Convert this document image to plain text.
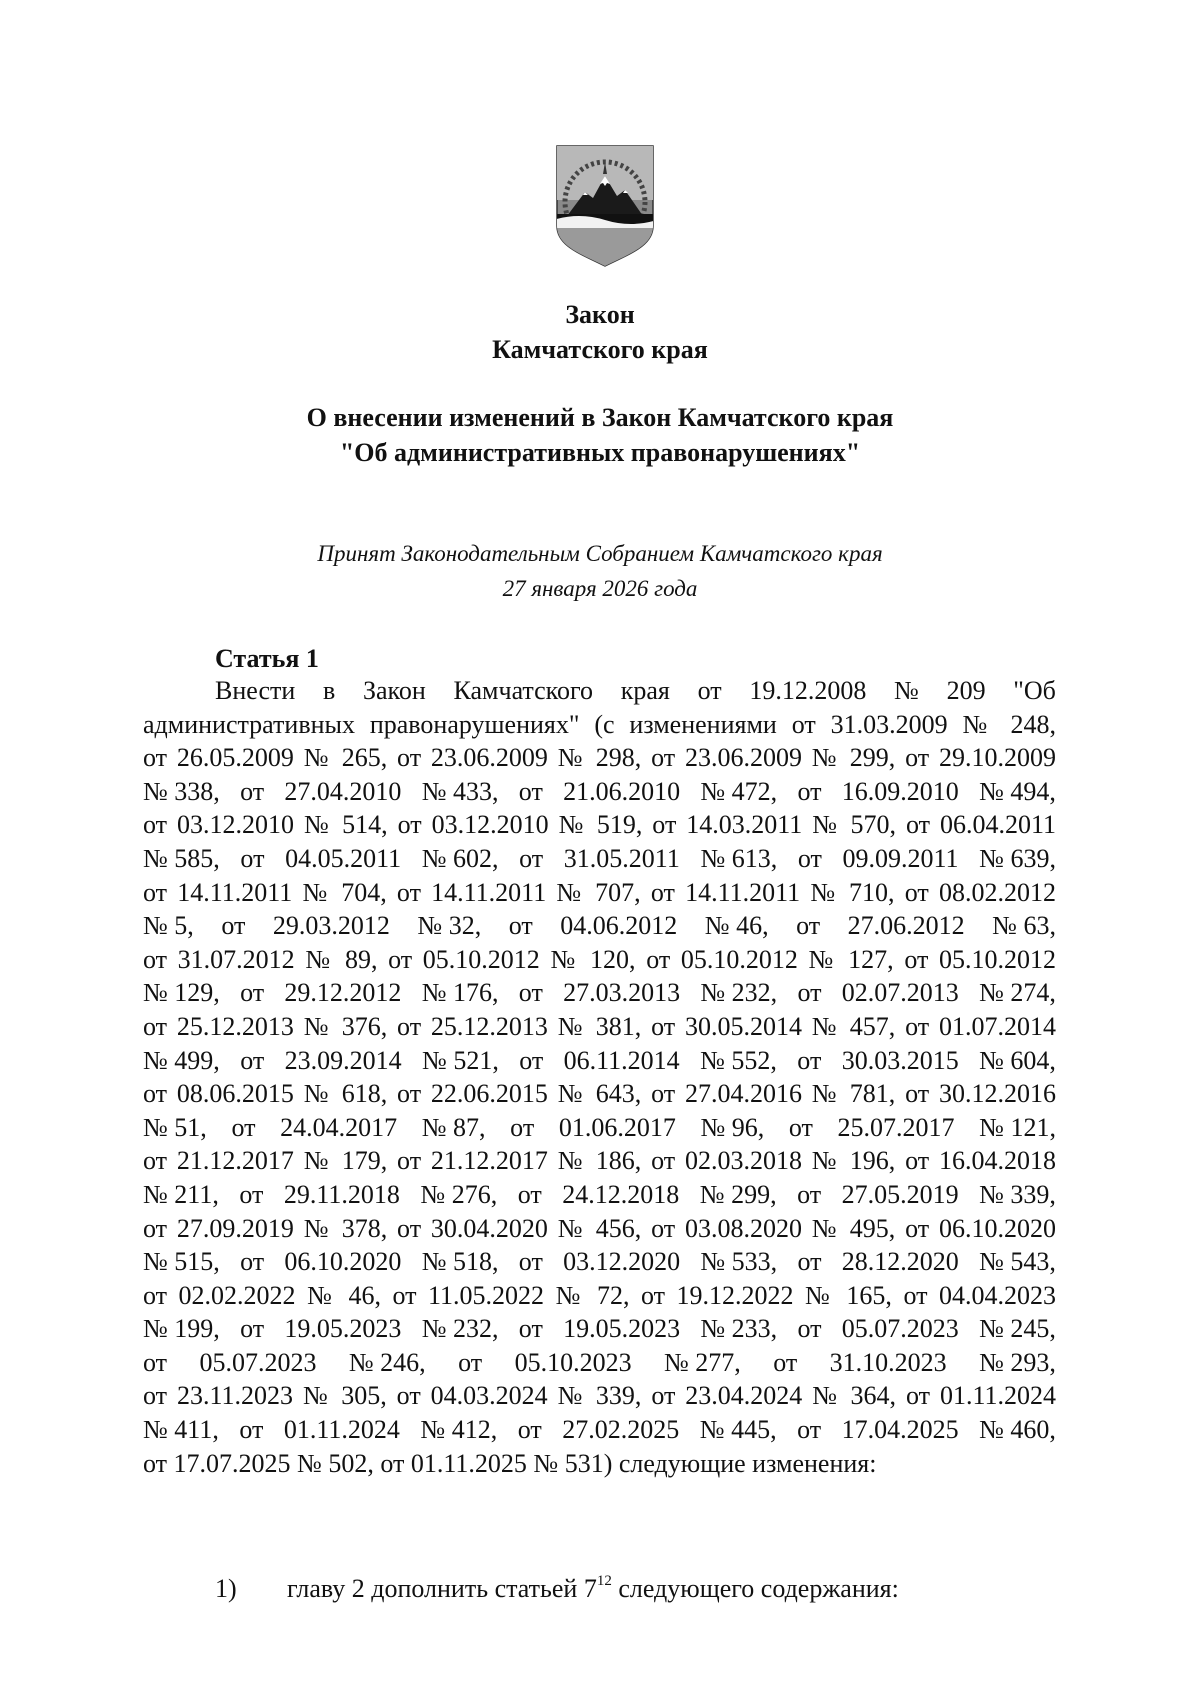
Закон
Камчатского края
О внесении изменений в Закон Камчатского края
"Об административных правонарушениях"
Принят Законодательным Собранием Камчатского края
27 января 2026 года
Статья 1
Внести в Закон Камчатского края от 19.12.2008 № 209 "Об
административных правонарушениях" (с изменениями от 31.03.2009 № 248,
от 26.05.2009 № 265, от 23.06.2009 № 298, от 23.06.2009 № 299, от 29.10.2009
№ 338, от 27.04.2010 № 433, от 21.06.2010 № 472, от 16.09.2010 № 494,
от 03.12.2010 № 514, от 03.12.2010 № 519, от 14.03.2011 № 570, от 06.04.2011
№ 585, от 04.05.2011 № 602, от 31.05.2011 № 613, от 09.09.2011 № 639,
от 14.11.2011 № 704, от 14.11.2011 № 707, от 14.11.2011 № 710, от 08.02.2012
№ 5, от 29.03.2012 № 32, от 04.06.2012 № 46, от 27.06.2012 № 63,
от 31.07.2012 № 89, от 05.10.2012 № 120, от 05.10.2012 № 127, от 05.10.2012
№ 129, от 29.12.2012 № 176, от 27.03.2013 № 232, от 02.07.2013 № 274,
от 25.12.2013 № 376, от 25.12.2013 № 381, от 30.05.2014 № 457, от 01.07.2014
№ 499, от 23.09.2014 № 521, от 06.11.2014 № 552, от 30.03.2015 № 604,
от 08.06.2015 № 618, от 22.06.2015 № 643, от 27.04.2016 № 781, от 30.12.2016
№ 51, от 24.04.2017 № 87, от 01.06.2017 № 96, от 25.07.2017 № 121,
от 21.12.2017 № 179, от 21.12.2017 № 186, от 02.03.2018 № 196, от 16.04.2018
№ 211, от 29.11.2018 № 276, от 24.12.2018 № 299, от 27.05.2019 № 339,
от 27.09.2019 № 378, от 30.04.2020 № 456, от 03.08.2020 № 495, от 06.10.2020
№ 515, от 06.10.2020 № 518, от 03.12.2020 № 533, от 28.12.2020 № 543,
от 02.02.2022 № 46, от 11.05.2022 № 72, от 19.12.2022 № 165, от 04.04.2023
№ 199, от 19.05.2023 № 232, от 19.05.2023 № 233, от 05.07.2023 № 245,
от 05.07.2023 № 246, от 05.10.2023 № 277, от 31.10.2023 № 293,
от 23.11.2023 № 305, от 04.03.2024 № 339, от 23.04.2024 № 364, от 01.11.2024
№ 411, от 01.11.2024 № 412, от 27.02.2025 № 445, от 17.04.2025 № 460,
от 17.07.2025 № 502, от 01.11.2025 № 531) следующие изменения:
1) главу 2 дополнить статьей $7^{12}$ следующего содержания:
